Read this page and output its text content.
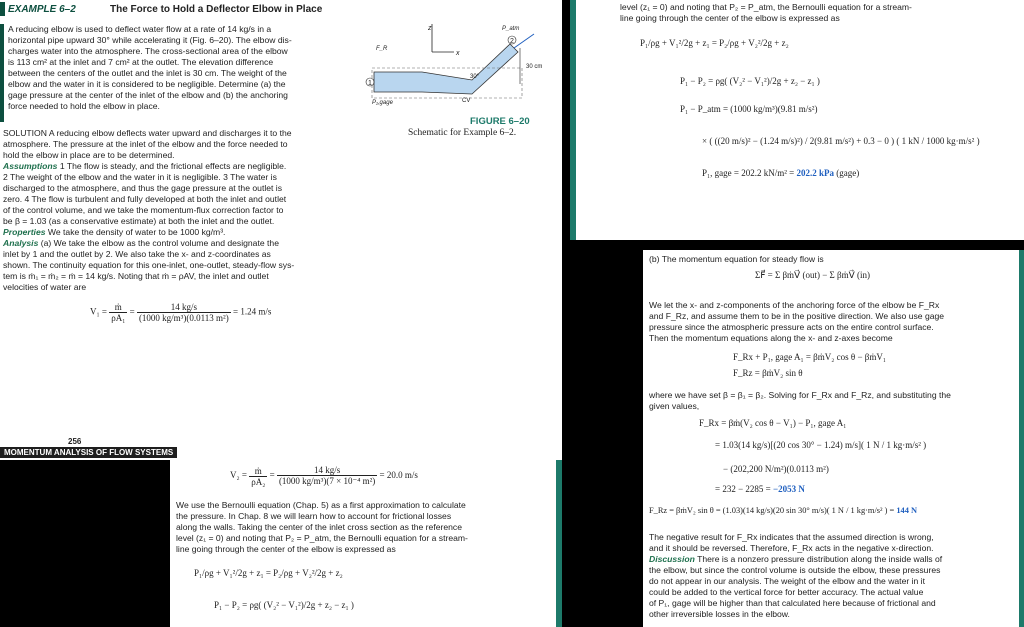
EXAMPLE 6–2	The Force to Hold a Deflector Elbow in Place
A reducing elbow is used to deflect water flow at a rate of 14 kg/s in a
horizontal pipe upward 30° while accelerating it (Fig. 6–20). The elbow dis-
charges water into the atmosphere. The cross-sectional area of the elbow
is 113 cm² at the inlet and 7 cm² at the outlet. The elevation difference
between the centers of the outlet and the inlet is 30 cm. The weight of the
elbow and the water in it is considered to be negligible. Determine (a) the
gage pressure at the center of the inlet of the elbow and (b) the anchoring
force needed to hold the elbow in place.
SOLUTION A reducing elbow deflects water upward and discharges it to the
atmosphere. The pressure at the inlet of the elbow and the force needed to
hold the elbow in place are to be determined.
Assumptions 1 The flow is steady, and the frictional effects are negligible.
2 The weight of the elbow and the water in it is negligible. 3 The water is
discharged to the atmosphere, and thus the gage pressure at the outlet is
zero. 4 The flow is turbulent and fully developed at both the inlet and outlet
of the control volume, and we take the momentum-flux correction factor to
be β = 1.03 (as a conservative estimate) at both the inlet and the outlet.
Properties We take the density of water to be 1000 kg/m³.
Analysis (a) We take the elbow as the control volume and designate the
inlet by 1 and the outlet by 2. We also take the x- and z-coordinates as
shown. The continuity equation for this one-inlet, one-outlet, steady-flow sys-
tem is ṁ₁ = ṁ₂ = ṁ = 14 kg/s. Noting that ṁ = ρAV, the inlet and outlet
velocities of water are
$V_1 = \frac{\text{ṁ}}{\text{ρA₁}} = \frac{14 kg/s}{\text{(1000 kg/m³)(0.0113 m²)}} = 1.24$ m/s
1
2
z
x
P_atm
30 cm
30°
CV
F_R
P₁,gage
FIGURE 6–20
Schematic for Example 6–2.
256
MOMENTUM ANALYSIS OF FLOW SYSTEMS
$V_2 = \frac{\text{ṁ}}{\text{ρA₂}} = \frac{14 kg/s}{\text{(1000 kg/m³)(7 × 10⁻⁴ m²)}} = 20.0$ m/s
We use the Bernoulli equation (Chap. 5) as a first approximation to calculate
the pressure. In Chap. 8 we will learn how to account for frictional losses
along the walls. Taking the center of the inlet cross section as the reference
level (z₁ = 0) and noting that P₂ = P_atm, the Bernoulli equation for a stream-
line going through the center of the elbow is expressed as
P₁/ρg + V₁²/2g + z₁ = P₂/ρg + V₂²/2g + z₂
P₁ − P₂ = ρg( (V₂² − V₁²)/2g + z₂ − z₁ )
level (z₁ = 0) and noting that P₂ = P_atm, the Bernoulli equation for a stream-
line going through the center of the elbow is expressed as
P₁/ρg + V₁²/2g + z₁ = P₂/ρg + V₂²/2g + z₂
P₁ − P₂ = ρg( (V₂² − V₁²)/2g + z₂ − z₁ )
P₁ − P_atm = (1000 kg/m³)(9.81 m/s²)
× ( ((20 m/s)² − (1.24 m/s)²) / 2(9.81 m/s²) + 0.3 − 0 ) ( 1 kN / 1000 kg·m/s² )
P₁, gage = 202.2 kN/m² = 202.2 kPa (gage)
(b) The momentum equation for steady flow is
ΣF⃗ = Σ βṁV⃗ (out) − Σ βṁV⃗ (in)
We let the x- and z-components of the anchoring force of the elbow be F_Rx
and F_Rz, and assume them to be in the positive direction. We also use gage
pressure since the atmospheric pressure acts on the entire control surface.
Then the momentum equations along the x- and z-axes become
F_Rx + P₁, gage A₁ = βṁV₂ cos θ − βṁV₁
F_Rz = βṁV₂ sin θ
where we have set β = β₁ = β₂. Solving for F_Rx and F_Rz, and substituting the
given values,
F_Rx = βṁ(V₂ cos θ − V₁) − P₁, gage A₁
= 1.03(14 kg/s)[(20 cos 30° − 1.24) m/s]( 1 N / 1 kg·m/s² )
− (202,200 N/m²)(0.0113 m²)
= 232 − 2285 = −2053 N
F_Rz = βṁV₂ sin θ = (1.03)(14 kg/s)(20 sin 30° m/s)( 1 N / 1 kg·m/s² ) = 144 N
The negative result for F_Rx indicates that the assumed direction is wrong,
and it should be reversed. Therefore, F_Rx acts in the negative x-direction.
Discussion There is a nonzero pressure distribution along the inside walls of
the elbow, but since the control volume is outside the elbow, these pressures
do not appear in our analysis. The weight of the elbow and the water in it
could be added to the vertical force for better accuracy. The actual value
of P₁, gage will be higher than that calculated here because of frictional and
other irreversible losses in the elbow.
